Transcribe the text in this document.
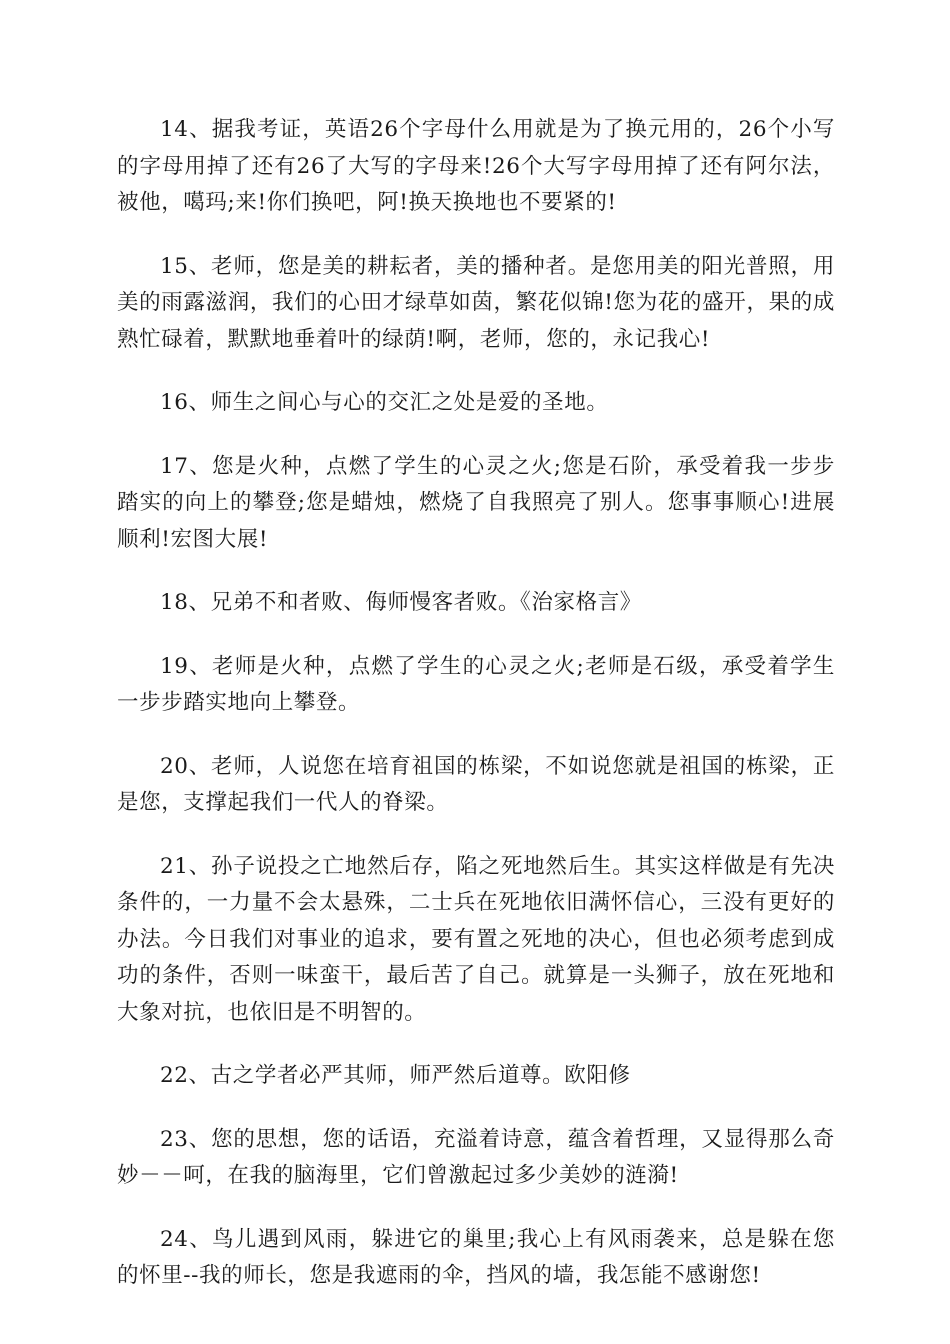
14、据我考证，英语26个字母什么用就是为了换元用的，26个小写的字母用掉了还有26了大写的字母来!26个大写字母用掉了还有阿尔法，被他，噶玛;来!你们换吧，阿!换天换地也不要紧的!

15、老师，您是美的耕耘者，美的播种者。是您用美的阳光普照，用美的雨露滋润，我们的心田才绿草如茵，繁花似锦!您为花的盛开，果的成熟忙碌着，默默地垂着叶的绿荫!啊，老师，您的，永记我心!

16、师生之间心与心的交汇之处是爱的圣地。

17、您是火种，点燃了学生的心灵之火;您是石阶，承受着我一步步踏实的向上的攀登;您是蜡烛，燃烧了自我照亮了别人。您事事顺心!进展顺利!宏图大展!

18、兄弟不和者败、侮师慢客者败。《治家格言》

19、老师是火种，点燃了学生的心灵之火;老师是石级，承受着学生一步步踏实地向上攀登。

20、老师，人说您在培育祖国的栋梁，不如说您就是祖国的栋梁，正是您，支撑起我们一代人的脊梁。

21、孙子说投之亡地然后存，陷之死地然后生。其实这样做是有先决条件的，一力量不会太悬殊，二士兵在死地依旧满怀信心，三没有更好的办法。今日我们对事业的追求，要有置之死地的决心，但也必须考虑到成功的条件，否则一味蛮干，最后苦了自己。就算是一头狮子，放在死地和大象对抗，也依旧是不明智的。

22、古之学者必严其师，师严然后道尊。欧阳修

23、您的思想，您的话语，充溢着诗意，蕴含着哲理，又显得那么奇妙－－呵，在我的脑海里，它们曾激起过多少美妙的涟漪!

24、鸟儿遇到风雨，躲进它的巢里;我心上有风雨袭来，总是躲在您的怀里--我的师长，您是我遮雨的伞，挡风的墙，我怎能不感谢您!
